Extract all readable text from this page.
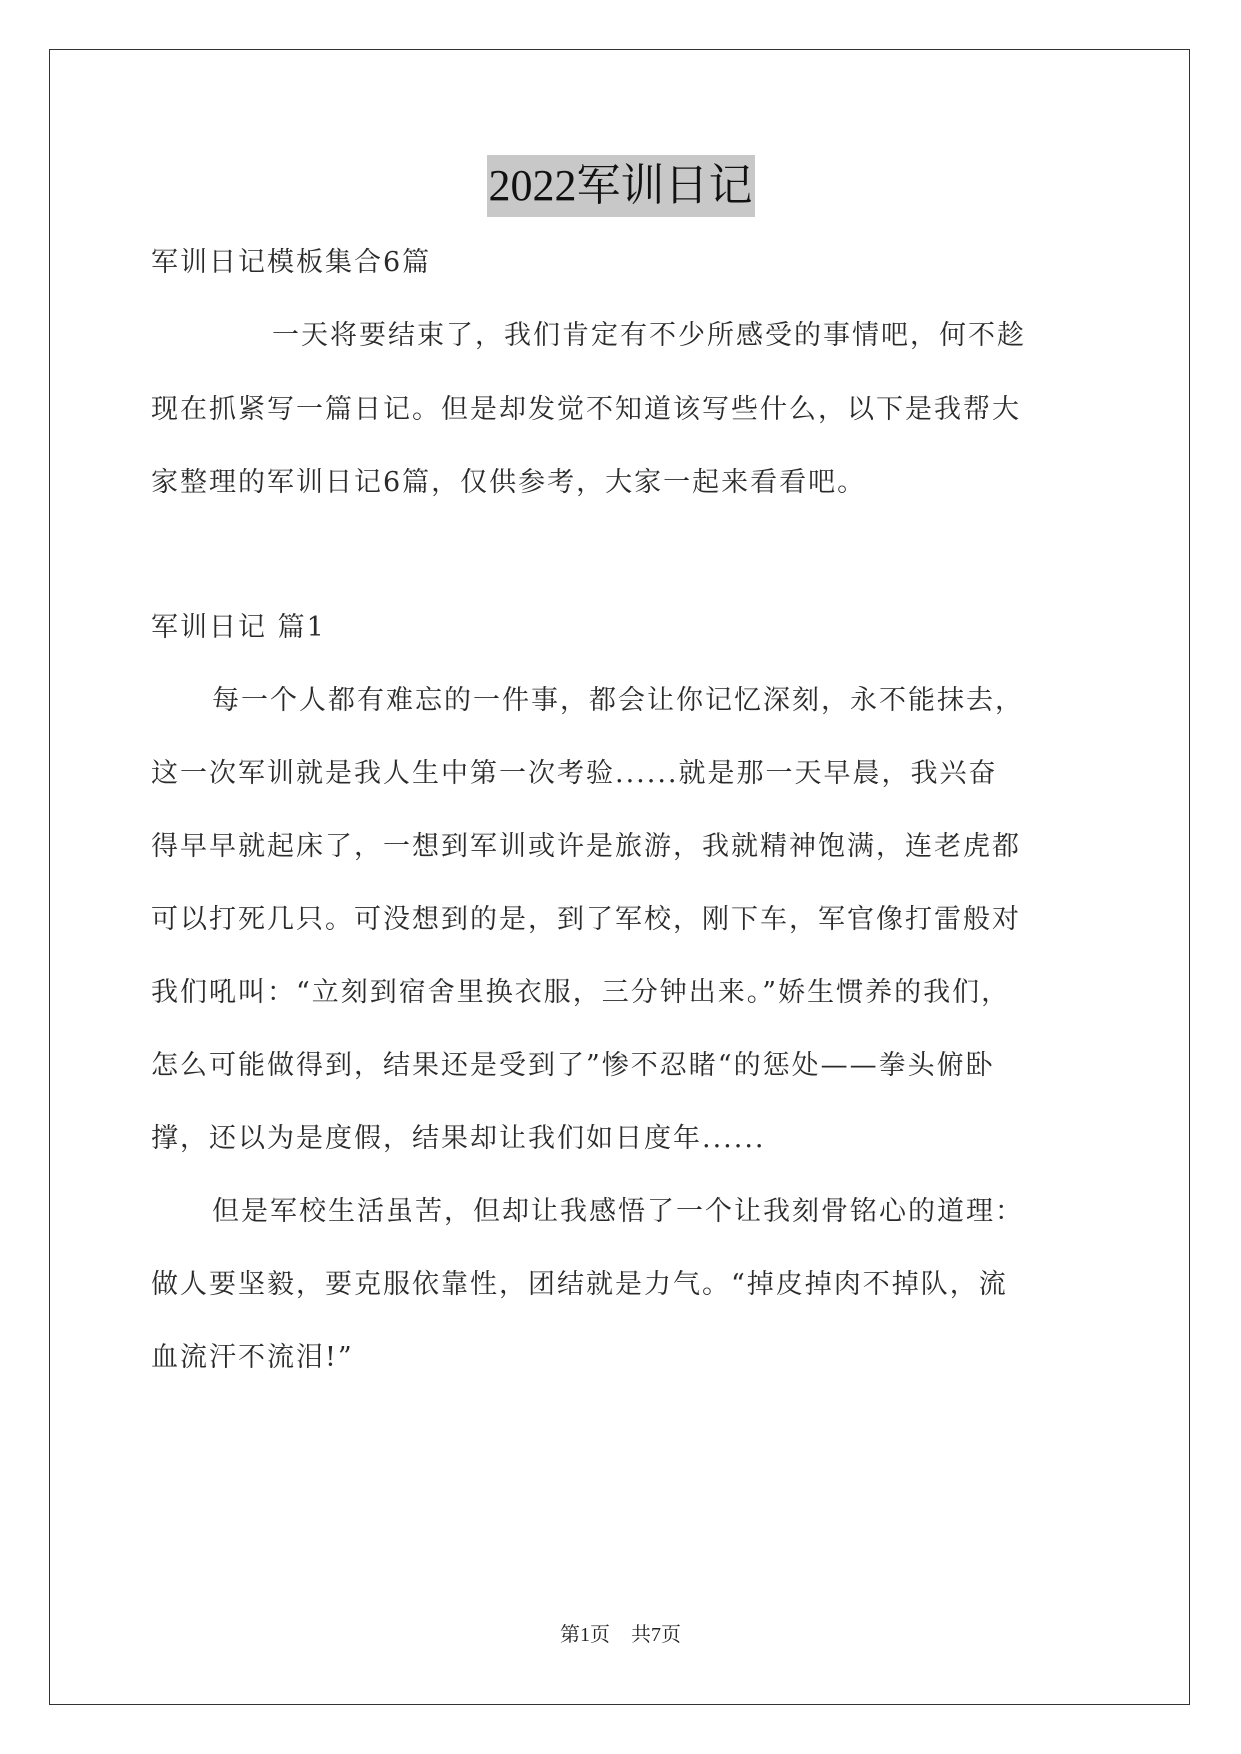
2022军训日记
军训日记模板集合6篇
一天将要结束了，我们肯定有不少所感受的事情吧，何不趁
现在抓紧写一篇日记。但是却发觉不知道该写些什么，以下是我帮大
家整理的军训日记6篇，仅供参考，大家一起来看看吧。
军训日记 篇1
每一个人都有难忘的一件事，都会让你记忆深刻，永不能抹去，
这一次军训就是我人生中第一次考验......就是那一天早晨，我兴奋
得早早就起床了，一想到军训或许是旅游，我就精神饱满，连老虎都
可以打死几只。可没想到的是，到了军校，刚下车，军官像打雷般对
我们吼叫：“立刻到宿舍里换衣服，三分钟出来。”娇生惯养的我们，
怎么可能做得到，结果还是受到了”惨不忍睹“的惩处——拳头俯卧
撑，还以为是度假，结果却让我们如日度年......
但是军校生活虽苦，但却让我感悟了一个让我刻骨铭心的道理：
做人要坚毅，要克服依靠性，团结就是力气。“掉皮掉肉不掉队，流
血流汗不流泪!”
第1页 共7页
